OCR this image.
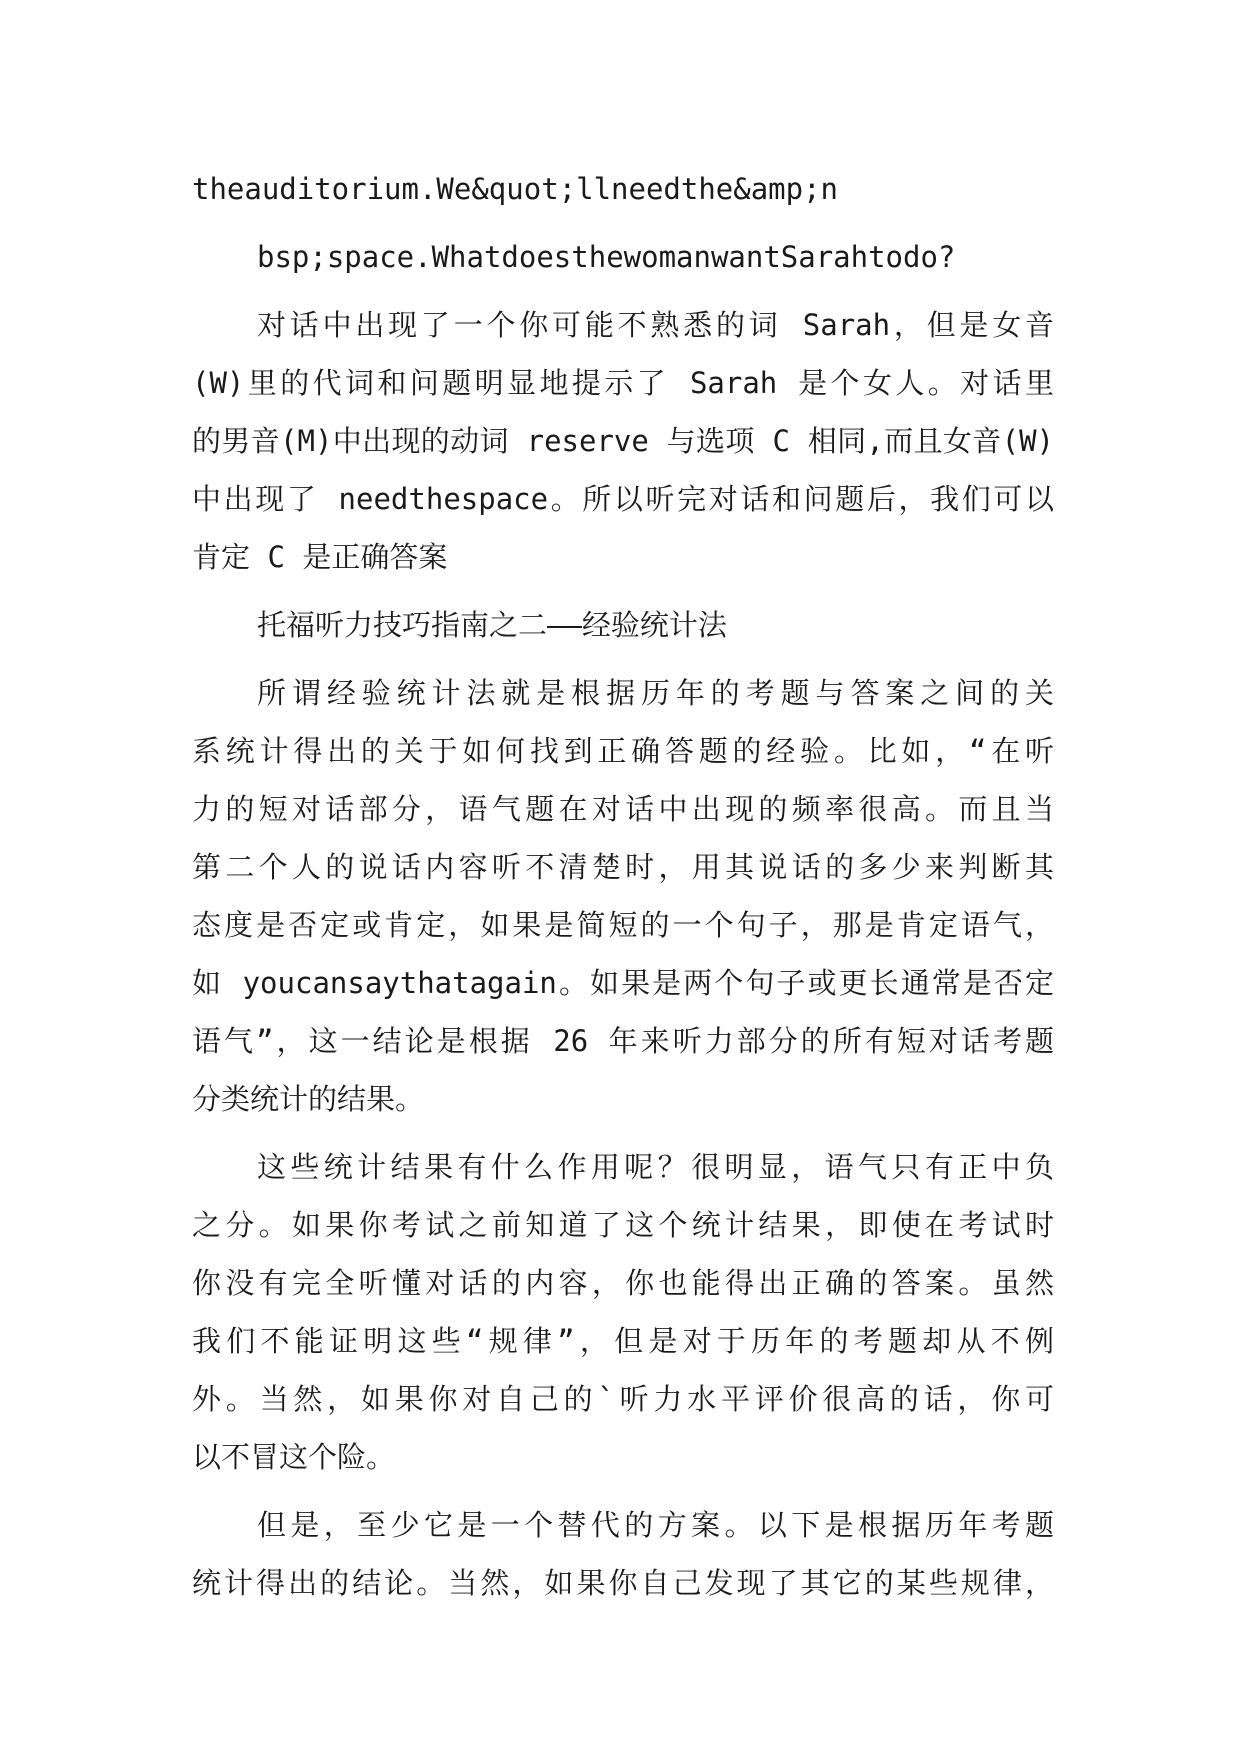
theauditorium.We&quot;llneedthe&amp;n
bsp;space.WhatdoesthewomanwantSarahtodo?
对话中出现了一个你可能不熟悉的词 Sarah，但是女音
(W)里的代词和问题明显地提示了 Sarah 是个女人。对话里
的男音(M)中出现的动词 reserve 与选项 C 相同,而且女音(W)
中出现了 needthespace。所以听完对话和问题后，我们可以
肯定 C 是正确答案
托福听力技巧指南之二——经验统计法
所谓经验统计法就是根据历年的考题与答案之间的关
系统计得出的关于如何找到正确答题的经验。比如，“在听
力的短对话部分，语气题在对话中出现的频率很高。而且当
第二个人的说话内容听不清楚时，用其说话的多少来判断其
态度是否定或肯定，如果是简短的一个句子，那是肯定语气，
如 youcansaythatagain。如果是两个句子或更长通常是否定
语气”，这一结论是根据 26 年来听力部分的所有短对话考题
分类统计的结果。
这些统计结果有什么作用呢？很明显，语气只有正中负
之分。如果你考试之前知道了这个统计结果，即使在考试时
你没有完全听懂对话的内容，你也能得出正确的答案。虽然
我们不能证明这些“规律”，但是对于历年的考题却从不例
外。当然，如果你对自己的`听力水平评价很高的话，你可
以不冒这个险。
但是，至少它是一个替代的方案。以下是根据历年考题
统计得出的结论。当然，如果你自己发现了其它的某些规律，
